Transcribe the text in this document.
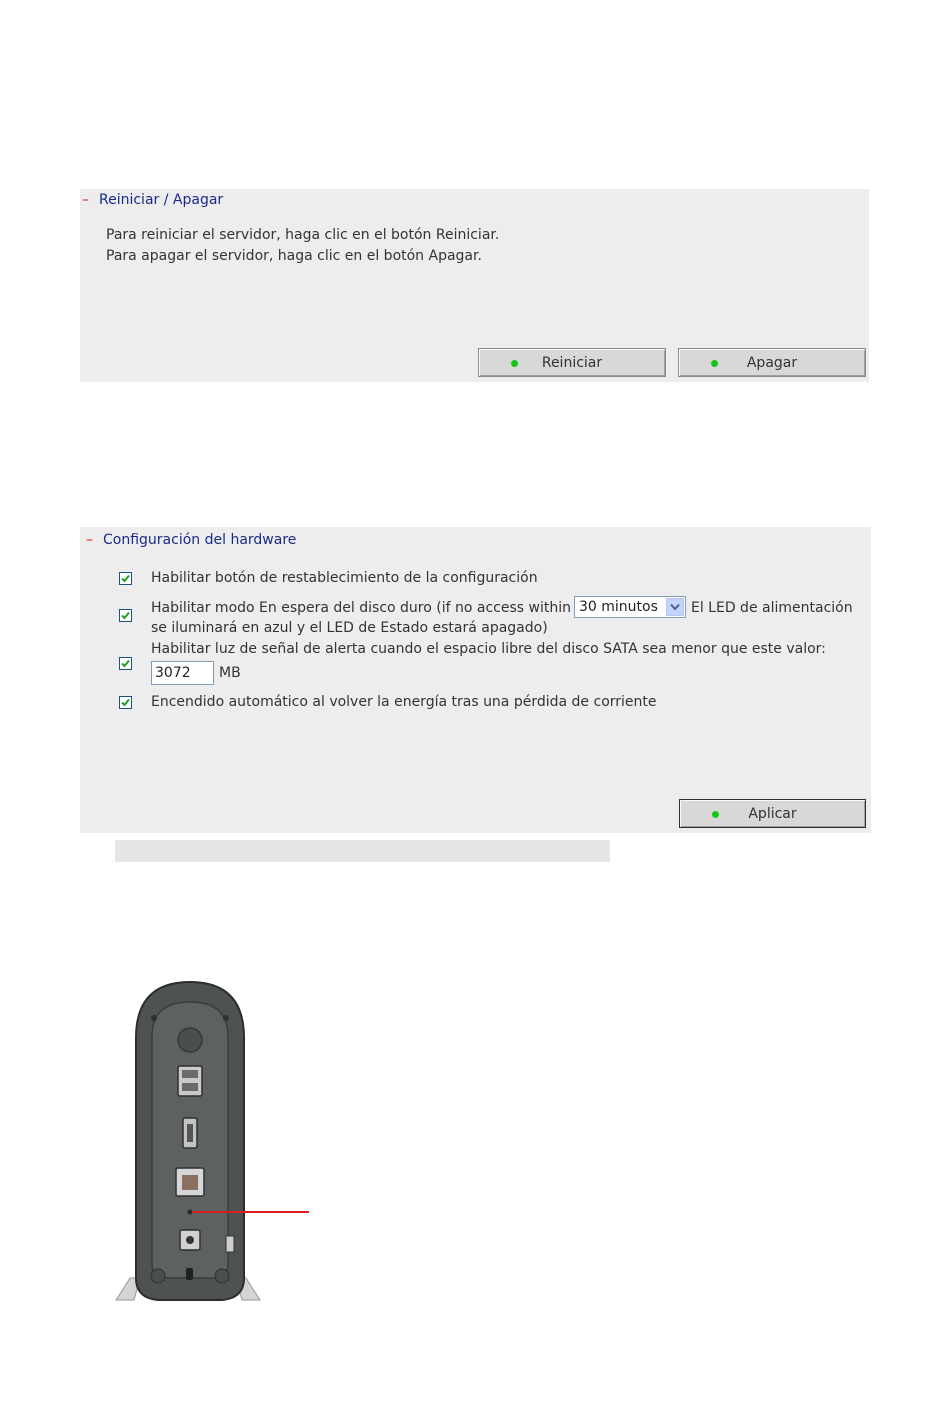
– Reiniciar / Apagar
Para reiniciar el servidor, haga clic en el botón Reiniciar.
Para apagar el servidor, haga clic en el botón Apagar.
Reiniciar	Apagar
– Configuración del hardware
Habilitar botón de restablecimiento de la configuración
Habilitar modo En espera del disco duro (if no access within 30 minutos El LED de alimentación
se iluminará en azul y el LED de Estado estará apagado)
Habilitar luz de señal de alerta cuando el espacio libre del disco SATA sea menor que este valor:
3072
MB
Encendido automático al volver la energía tras una pérdida de corriente
Aplicar
